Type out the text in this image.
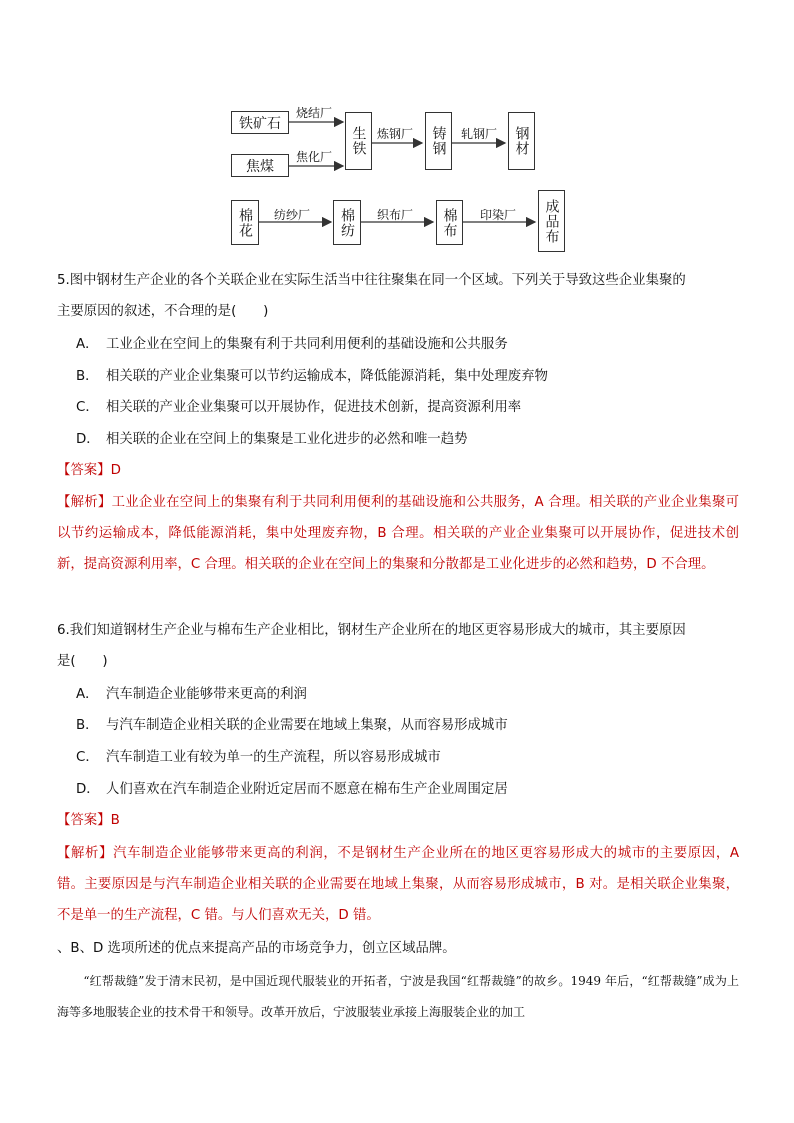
铁矿石
焦煤
生铁	铸钢	钢材
烧结厂
焦化厂
炼钢厂	轧钢厂
棉花	棉纺	棉布	成品布
纺纱厂	织布厂	印染厂
5.图中钢材生产企业的各个关联企业在实际生活当中往往聚集在同一个区域。下列关于导致这些企业集聚的
主要原因的叙述，不合理的是(　　)
A． 工业企业在空间上的集聚有利于共同利用便利的基础设施和公共服务
B． 相关联的产业企业集聚可以节约运输成本，降低能源消耗，集中处理废弃物
C． 相关联的产业企业集聚可以开展协作，促进技术创新，提高资源利用率
D． 相关联的企业在空间上的集聚是工业化进步的必然和唯一趋势
【答案】D
【解析】工业企业在空间上的集聚有利于共同利用便利的基础设施和公共服务，A 合理。相关联的产业企业集聚可以节约运输成本，降低能源消耗，集中处理废弃物，B 合理。相关联的产业企业集聚可以开展协作，促进技术创新，提高资源利用率，C 合理。相关联的企业在空间上的集聚和分散都是工业化进步的必然和趋势，D 不合理。
6.我们知道钢材生产企业与棉布生产企业相比，钢材生产企业所在的地区更容易形成大的城市，其主要原因
是(　　)
A． 汽车制造企业能够带来更高的利润
B． 与汽车制造企业相关联的企业需要在地域上集聚，从而容易形成城市
C． 汽车制造工业有较为单一的生产流程，所以容易形成城市
D． 人们喜欢在汽车制造企业附近定居而不愿意在棉布生产企业周围定居
【答案】B
【解析】汽车制造企业能够带来更高的利润，不是钢材生产企业所在的地区更容易形成大的城市的主要原因，A 错。主要原因是与汽车制造企业相关联的企业需要在地域上集聚，从而容易形成城市，B 对。是相关联企业集聚，不是单一的生产流程，C 错。与人们喜欢无关，D 错。
、B、D 选项所述的优点来提高产品的市场竞争力，创立区域品牌。
“红帮裁缝”发于清末民初，是中国近现代服装业的开拓者，宁波是我国“红帮裁缝”的故乡。1949 年后，“红帮裁缝”成为上海等多地服装企业的技术骨干和领导。改革开放后，宁波服装业承接上海服装企业的加工
